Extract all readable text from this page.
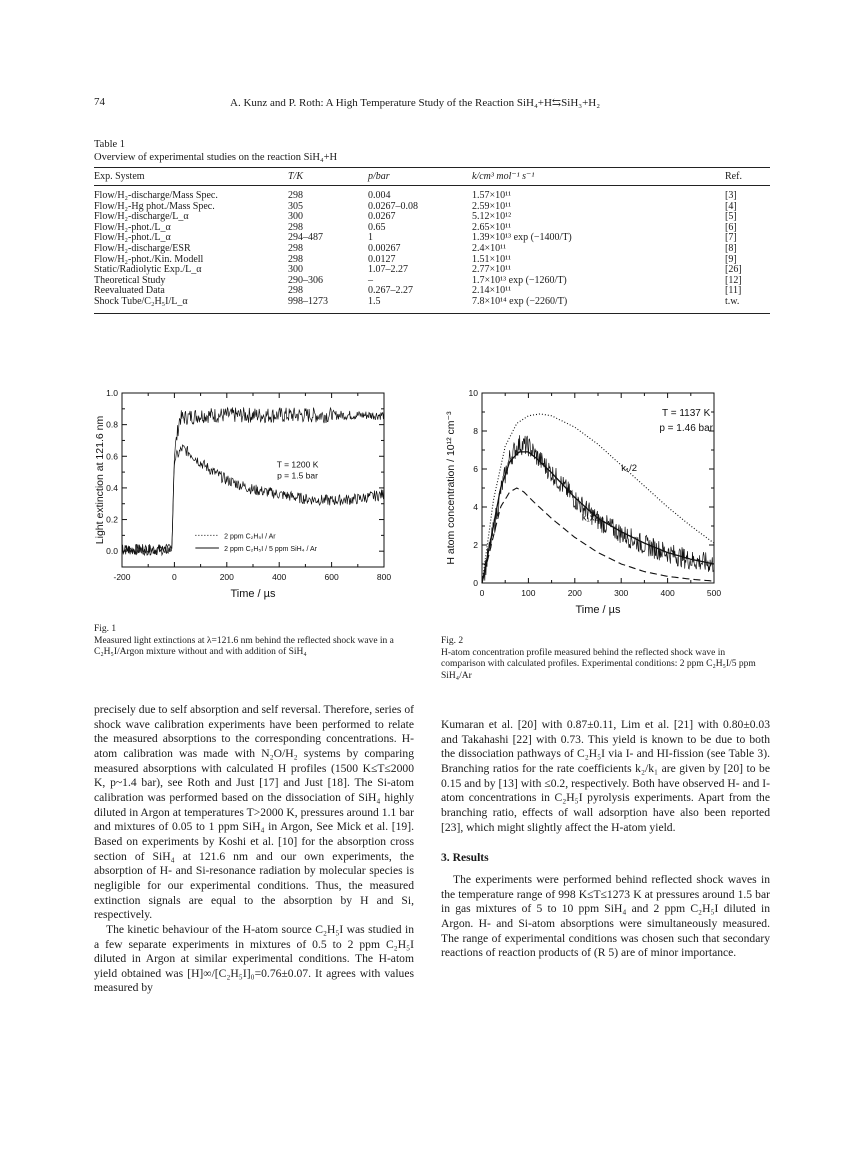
74	A. Kunz and P. Roth: A High Temperature Study of the Reaction SiH₄+H⇆SiH₃+H₂
Table 1
Overview of experimental studies on the reaction SiH₄+H
Exp. System	T/K	p/bar	k/cm³ mol⁻¹ s⁻¹	Ref.
Flow/H₂-discharge/Mass Spec.	298	0.004	1.57×10¹¹	[3]
Flow/H₂-Hg phot./Mass Spec.	305	0.0267–0.08	2.59×10¹¹	[4]
Flow/H₂-discharge/L_α	300	0.0267	5.12×10¹²	[5]
Flow/H₂-phot./L_α	298	0.65	2.65×10¹¹	[6]
Flow/H₂-phot./L_α	294–487	1	1.39×10¹³ exp (−1400/T)	[7]
Flow/H₂-discharge/ESR	298	0.00267	2.4×10¹¹	[8]
Flow/H₂-phot./Kin. Modell	298	0.0127	1.51×10¹¹	[9]
Static/Radiolytic Exp./L_α	300	1.07–2.27	2.77×10¹¹	[26]
Theoretical Study	290–306	–	1.7×10¹³ exp (−1260/T)	[12]
Reevaluated Data	298	0.267–2.27	2.14×10¹¹	[11]
Shock Tube/C₂H₅I/L_α	998–1273	1.5	7.8×10¹⁴ exp (−2260/T)	t.w.
-200	0	200	400	600	800
0.0
0.2
0.4
0.6
0.8
1.0
Time / µs
Light extinction at 121.6 nm	T = 1200 K
p = 1.5 bar
2 ppm C₂H₅I / Ar
2 ppm C₂H₅I / 5 ppm SiH₄ / Ar
Fig. 1
Measured light extinctions at λ=121.6 nm behind the reflected shock wave in a C₂H₅I/Argon mixture without and with addition of SiH₄
0	100	200	300	400	500
0
2
4
6
8
10
Time / µs
H atom concentration / 10¹² cm⁻³	T = 1137 K
p = 1.46 bar
k₁/2
k₁x2
Fig. 2
H-atom concentration profile measured behind the reflected shock wave in comparison with calculated profiles. Experimental conditions: 2 ppm C₂H₅I/5 ppm SiH₄/Ar

precisely due to self absorption and self reversal. Therefore, series of shock wave calibration experiments have been performed to relate the measured absorptions to the corresponding concentrations. H-atom calibration was made with N₂O/H₂ systems by comparing measured absorptions with calculated H profiles (1500 K≤T≤2000 K, p~1.4 bar), see Roth and Just [17] and Just [18]. The Si-atom calibration was performed based on the dissociation of SiH₄ highly diluted in Argon at temperatures T>2000 K, pressures around 1.1 bar and mixtures of 0.05 to 1 ppm SiH₄ in Argon, See Mick et al. [19]. Based on experiments by Koshi et al. [10] for the absorption cross section of SiH₄ at 121.6 nm and our own experiments, the absorption of H- and Si-resonance radiation by molecular species is negligible for our experimental conditions. Thus, the measured extinction signals are equal to the absorption by H and Si, respectively.

The kinetic behaviour of the H-atom source C₂H₅I was studied in a few separate experiments in mixtures of 0.5 to 2 ppm C₂H₅I diluted in Argon at similar experimental conditions. The H-atom yield obtained was [H]∞/[C₂H₅I]₀=0.76±0.07. It agrees with values measured by

Kumaran et al. [20] with 0.87±0.11, Lim et al. [21] with 0.80±0.03 and Takahashi [22] with 0.73. This yield is known to be due to both the dissociation pathways of C₂H₅I via I- and HI-fission (see Table 3). Branching ratios for the rate coefficients k₂/k₁ are given by [20] to be 0.15 and by [13] with ≤0.2, respectively. Both have observed H- and I-atom concentrations in C₂H₅I pyrolysis experiments. Apart from the branching ratio, effects of wall adsorption have also been reported [23], which might slightly affect the H-atom yield.

3. Results

The experiments were performed behind reflected shock waves in the temperature range of 998 K≤T≤1273 K at pressures around 1.5 bar in gas mixtures of 5 to 10 ppm SiH₄ and 2 ppm C₂H₅I diluted in Argon. H- and Si-atom absorptions were simultaneously measured. The range of experimental conditions was chosen such that secondary reactions of reaction products of (R 5) are of minor importance.
